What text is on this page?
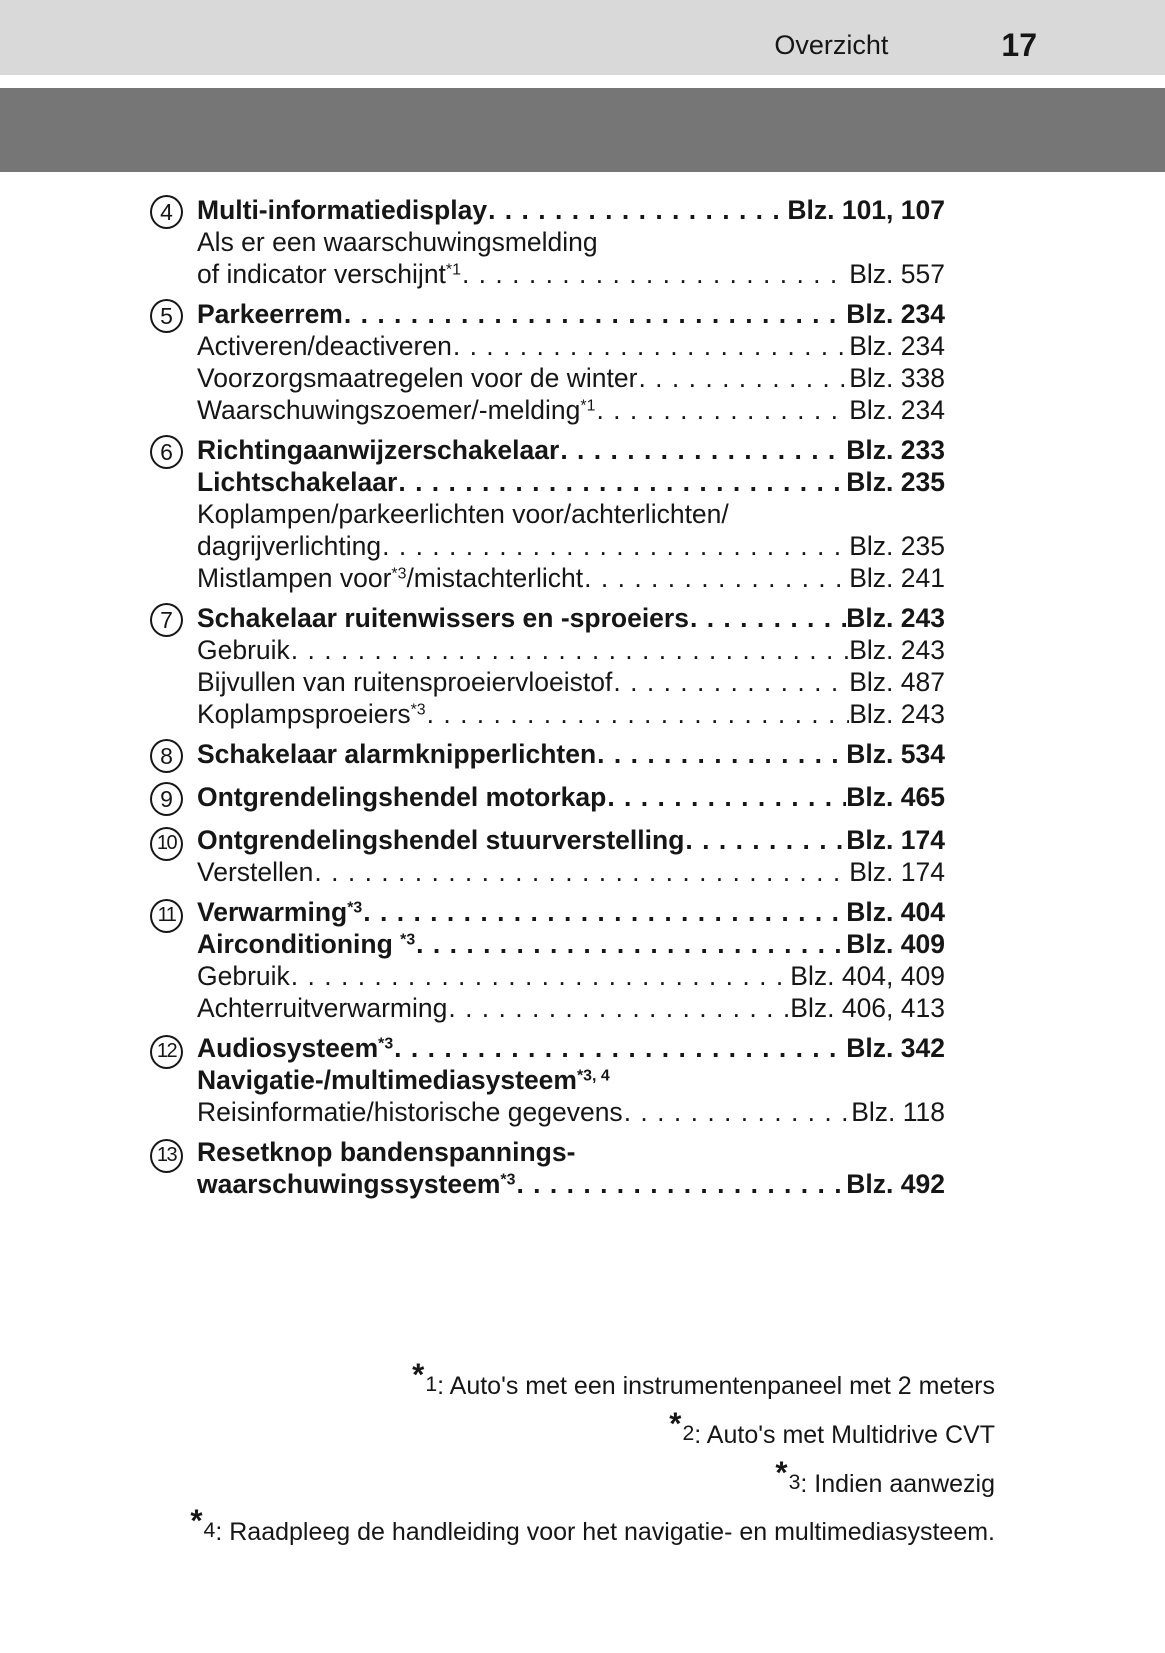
Overzicht	17
4 Multi-informatiedisplay . . .	Blz. 101, 107
Als er een waarschuwingsmelding
of indicator verschijnt$^{*1}$ . . .	Blz. 557
5 Parkeerrem . . .	Blz. 234
Activeren/deactiveren . . .	Blz. 234
Voorzorgsmaatregelen voor de winter . . .	Blz. 338
Waarschuwingszoemer/-melding$^{*1}$ . . .	Blz. 234
6 Richtingaanwijzerschakelaar . . .	Blz. 233
Lichtschakelaar . . .	Blz. 235
Koplampen/parkeerlichten voor/achterlichten/
dagrijverlichting . . .	Blz. 235
Mistlampen voor$^{*3}$/mistachterlicht . . .	Blz. 241
7 Schakelaar ruitenwissers en -sproeiers . . .	Blz. 243
Gebruik . . .	Blz. 243
Bijvullen van ruitensproeiervloeistof . . .	Blz. 487
Koplampsproeiers$^{*3}$ . . .	Blz. 243
8 Schakelaar alarmknipperlichten . . .	Blz. 534
9 Ontgrendelingshendel motorkap . . .	Blz. 465
10 Ontgrendelingshendel stuurverstelling . . .	Blz. 174
Verstellen . . .	Blz. 174
11 Verwarming$^{*3}$ . . .	Blz. 404
Airconditioning $^{*3}$ . . .	Blz. 409
Gebruik . . .	Blz. 404, 409
Achterruitverwarming . . .	Blz. 406, 413
12 Audiosysteem$^{*3}$ . . .	Blz. 342
Navigatie-/multimediasysteem$^{*3, 4}$
Reisinformatie/historische gegevens . . .	Blz. 118
13 Resetknop bandenspannings-
waarschuwingssysteem$^{*3}$ . . .	Blz. 492
*1: Auto's met een instrumentenpaneel met 2 meters
*2: Auto's met Multidrive CVT
*3: Indien aanwezig
*4: Raadpleeg de handleiding voor het navigatie- en multimediasysteem.
